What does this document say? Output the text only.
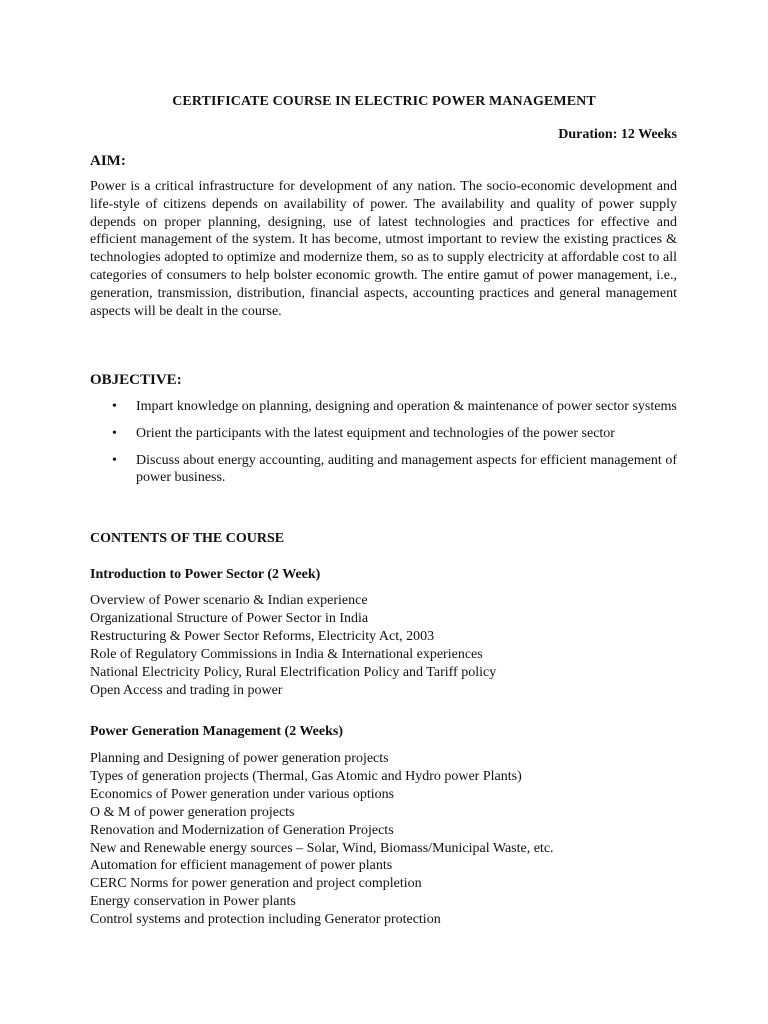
CERTIFICATE COURSE IN ELECTRIC POWER MANAGEMENT
Duration: 12 Weeks
AIM:
Power is a critical infrastructure for development of any nation. The socio-economic development and life-style of citizens depends on availability of power. The availability and quality of power supply depends on proper planning, designing, use of latest technologies and practices for effective and efficient management of the system. It has become, utmost important to review the existing practices & technologies adopted to optimize and modernize them, so as to supply electricity at affordable cost to all categories of consumers to help bolster economic growth. The entire gamut of power management, i.e., generation, transmission, distribution, financial aspects, accounting practices and general management aspects will be dealt in the course.
OBJECTIVE:
• Impart knowledge on planning, designing and operation & maintenance of power sector systems
• Orient the participants with the latest equipment and technologies of the power sector
• Discuss about energy accounting, auditing and management aspects for efficient management of power business.
CONTENTS OF THE COURSE
Introduction to Power Sector (2 Week)
Overview of Power scenario & Indian experience
Organizational Structure of Power Sector in India
Restructuring & Power Sector Reforms, Electricity Act, 2003
Role of Regulatory Commissions in India & International experiences
National Electricity Policy, Rural Electrification Policy and Tariff policy
Open Access and trading in power
Power Generation Management (2 Weeks)
Planning and Designing of power generation projects
Types of generation projects (Thermal, Gas Atomic and Hydro power Plants)
Economics of Power generation under various options
O & M of power generation projects
Renovation and Modernization of Generation Projects
New and Renewable energy sources – Solar, Wind, Biomass/Municipal Waste, etc.
Automation for efficient management of power plants
CERC Norms for power generation and project completion
Energy conservation in Power plants
Control systems and protection including Generator protection
